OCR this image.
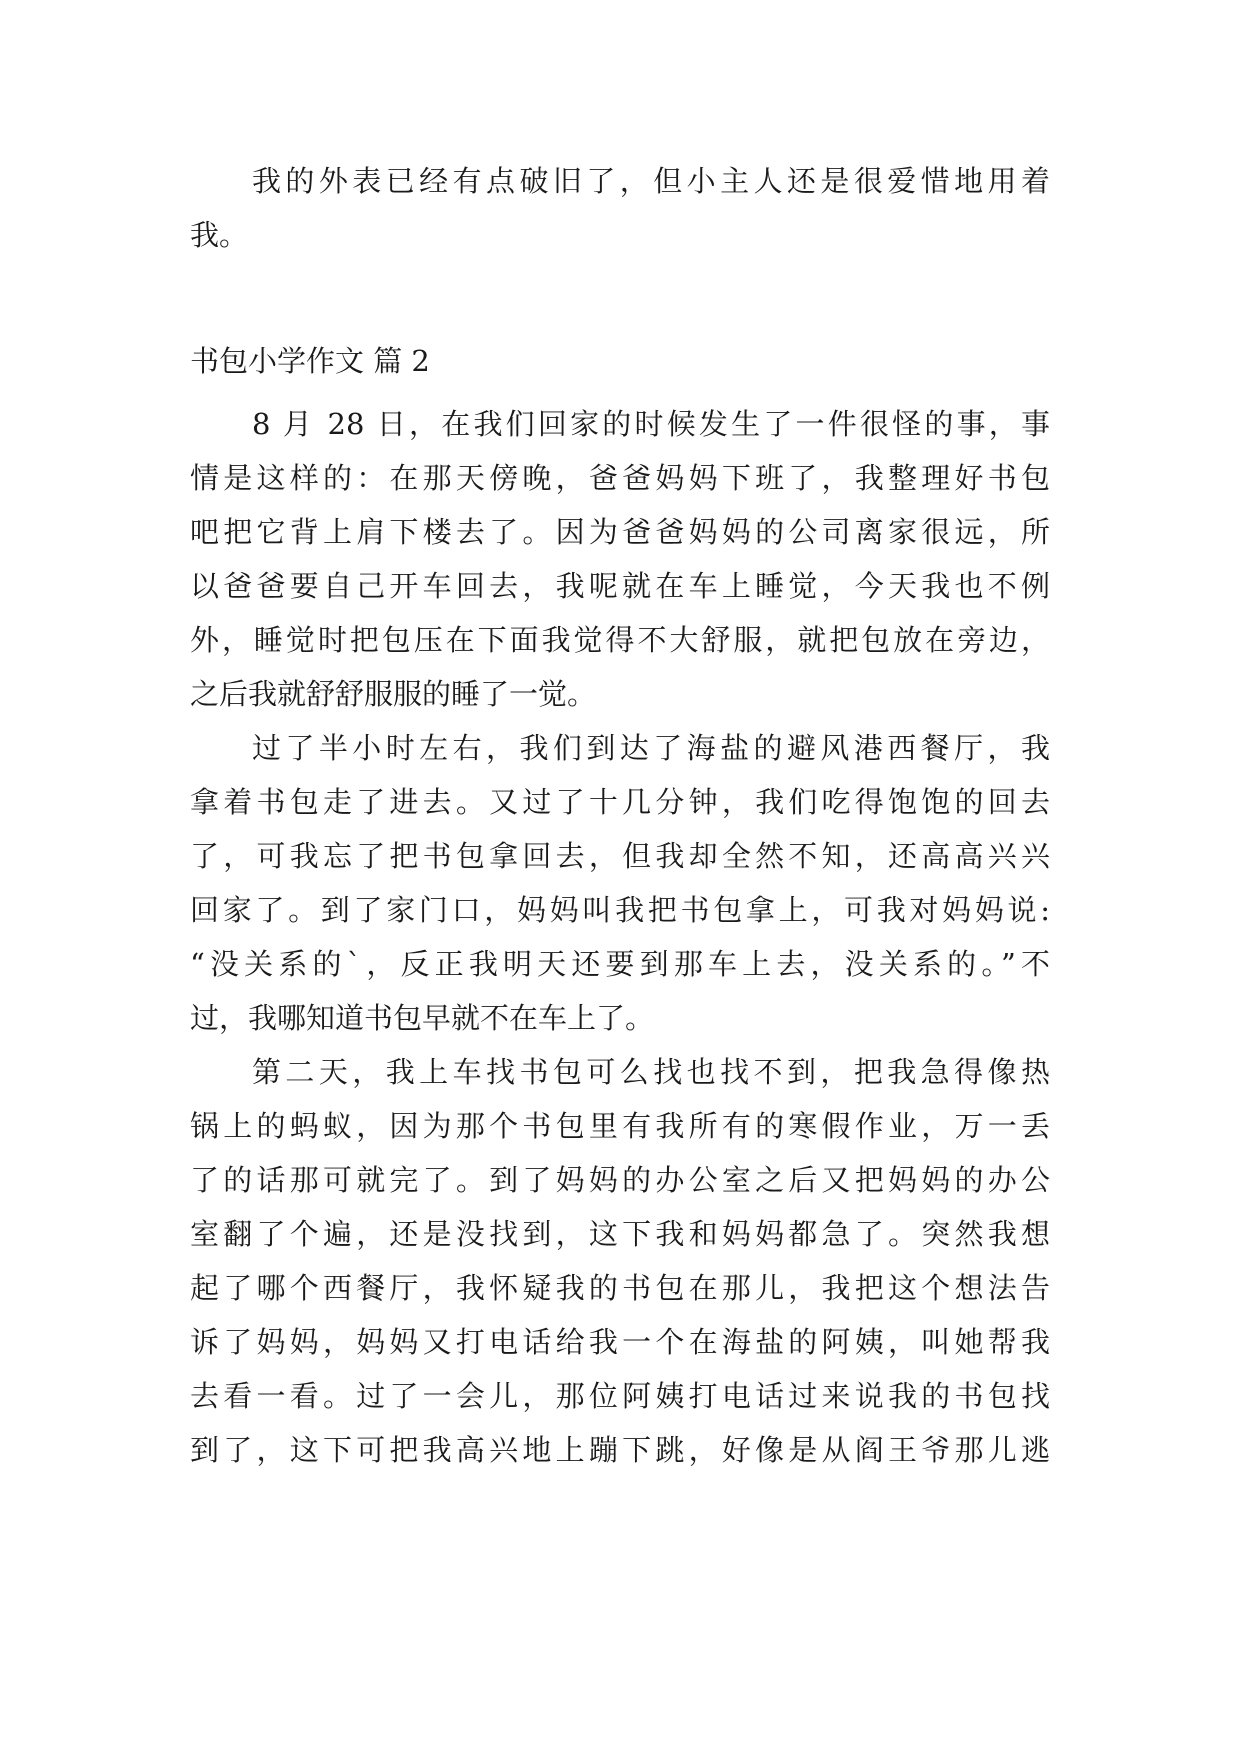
我的外表已经有点破旧了，但小主人还是很爱惜地用着
我。
书包小学作文 篇 2
8 月 28 日，在我们回家的时候发生了一件很怪的事，事
情是这样的：在那天傍晚，爸爸妈妈下班了，我整理好书包
吧把它背上肩下楼去了。因为爸爸妈妈的公司离家很远，所
以爸爸要自己开车回去，我呢就在车上睡觉，今天我也不例
外，睡觉时把包压在下面我觉得不大舒服，就把包放在旁边，
之后我就舒舒服服的睡了一觉。
过了半小时左右，我们到达了海盐的避风港西餐厅，我
拿着书包走了进去。又过了十几分钟，我们吃得饱饱的回去
了，可我忘了把书包拿回去，但我却全然不知，还高高兴兴
回家了。到了家门口，妈妈叫我把书包拿上，可我对妈妈说:
“没关系的`，反正我明天还要到那车上去，没关系的。”不
过，我哪知道书包早就不在车上了。
第二天，我上车找书包可么找也找不到，把我急得像热
锅上的蚂蚁，因为那个书包里有我所有的寒假作业，万一丢
了的话那可就完了。到了妈妈的办公室之后又把妈妈的办公
室翻了个遍，还是没找到，这下我和妈妈都急了。突然我想
起了哪个西餐厅，我怀疑我的书包在那儿，我把这个想法告
诉了妈妈，妈妈又打电话给我一个在海盐的阿姨，叫她帮我
去看一看。过了一会儿，那位阿姨打电话过来说我的书包找
到了，这下可把我高兴地上蹦下跳，好像是从阎王爷那儿逃
